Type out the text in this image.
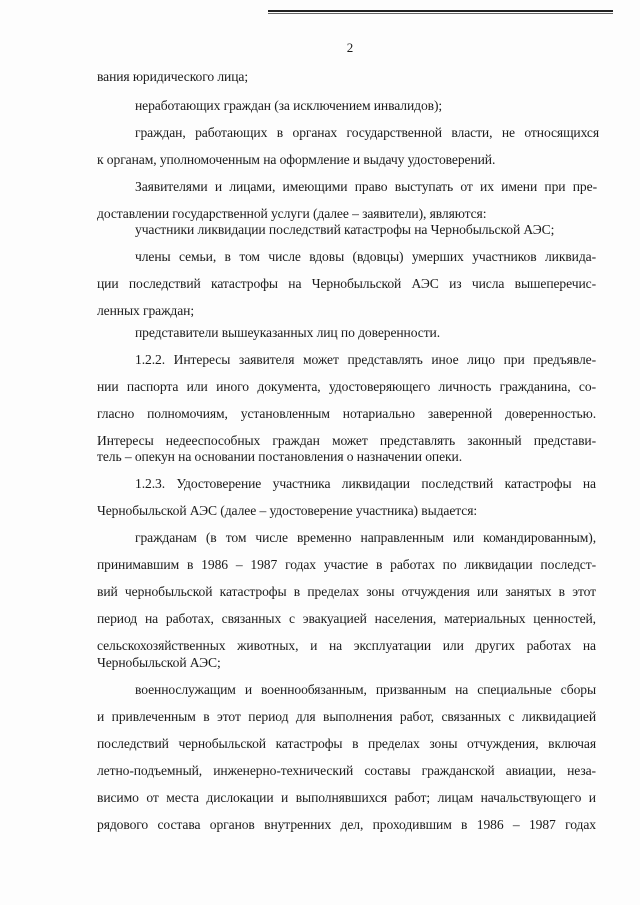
2
вания юридического лица;
неработающих граждан (за исключением инвалидов);
граждан, работающих в органах государственной власти, не относящихся
к органам, уполномоченным на оформление и выдачу удостоверений.
Заявителями и лицами, имеющими право выступать от их имени при пре-
доставлении государственной услуги (далее – заявители), являются:
участники ликвидации последствий катастрофы на Чернобыльской АЭС;
члены семьи, в том числе вдовы (вдовцы) умерших участников ликвида-
ции последствий катастрофы на Чернобыльской АЭС из числа вышеперечис-
ленных граждан;
представители вышеуказанных лиц по доверенности.
1.2.2. Интересы заявителя может представлять иное лицо при предъявле-
нии паспорта или иного документа, удостоверяющего личность гражданина, со-
гласно полномочиям, установленным нотариально заверенной доверенностью.
Интересы недееспособных граждан может представлять законный представи-
тель – опекун на основании постановления о назначении опеки.
1.2.3. Удостоверение участника ликвидации последствий катастрофы на
Чернобыльской АЭС (далее – удостоверение участника) выдается:
гражданам (в том числе временно направленным или командированным),
принимавшим в 1986 – 1987 годах участие в работах по ликвидации последст-
вий чернобыльской катастрофы в пределах зоны отчуждения или занятых в этот
период на работах, связанных с эвакуацией населения, материальных ценностей,
сельскохозяйственных животных, и на эксплуатации или других работах на
Чернобыльской АЭС;
военнослужащим и военнообязанным, призванным на специальные сборы
и привлеченным в этот период для выполнения работ, связанных с ликвидацией
последствий чернобыльской катастрофы в пределах зоны отчуждения, включая
летно-подъемный, инженерно-технический составы гражданской авиации, неза-
висимо от места дислокации и выполнявшихся работ; лицам начальствующего и
рядового состава органов внутренних дел, проходившим в 1986 – 1987 годах
